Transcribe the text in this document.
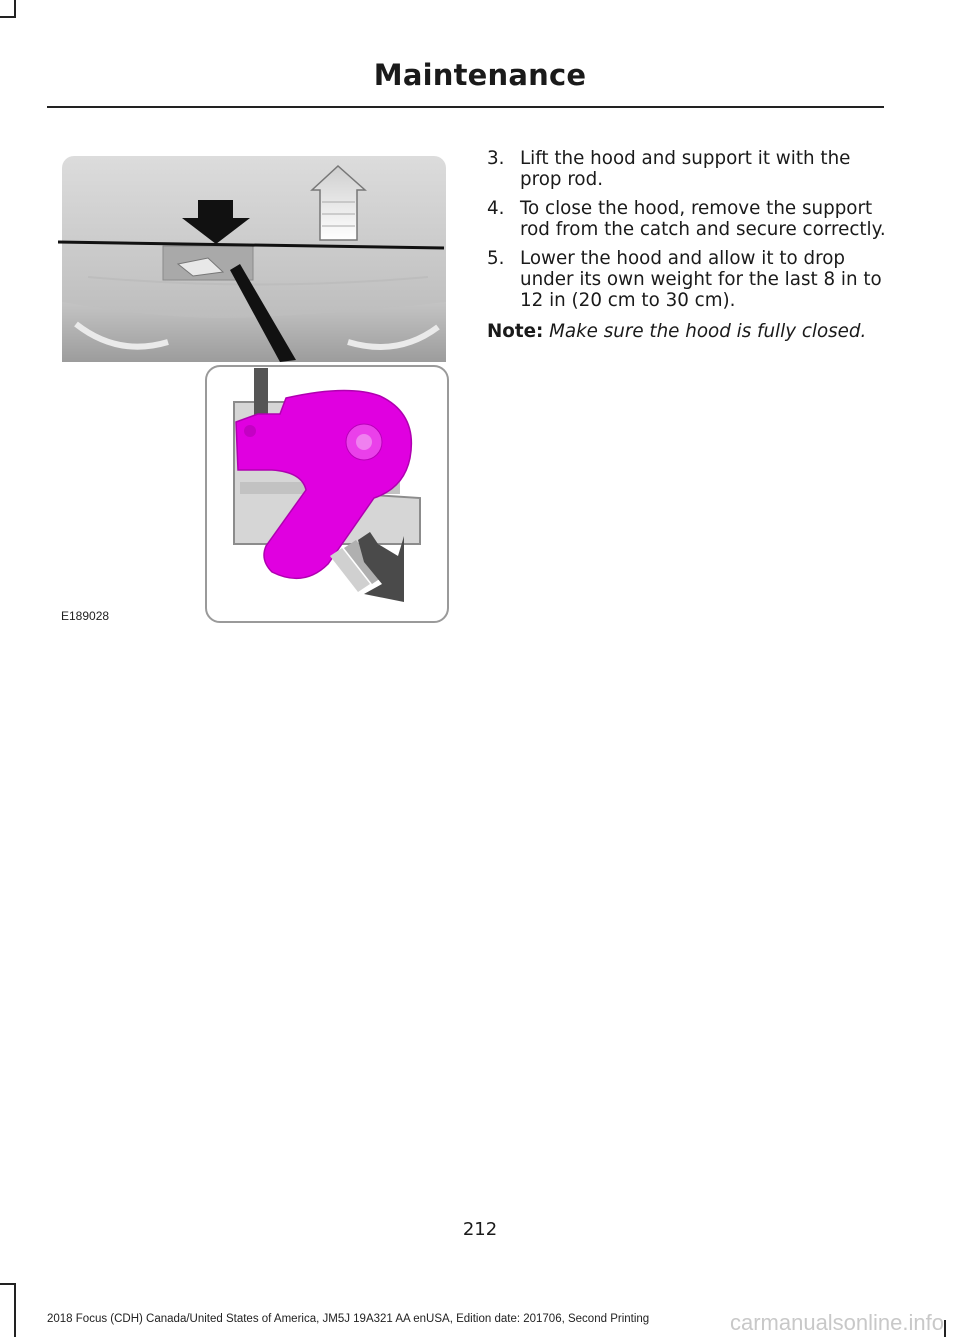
Maintenance
E189028
3. Lift the hood and support it with the prop rod.
4. To close the hood, remove the support rod from the catch and secure correctly.
5. Lower the hood and allow it to drop under its own weight for the last 8 in to 12 in (20 cm to 30 cm).
Note: Make sure the hood is fully closed.
212
2018 Focus (CDH) Canada/United States of America, JM5J 19A321 AA enUSA, Edition date: 201706, Second Printing	carmanualsonline.info
